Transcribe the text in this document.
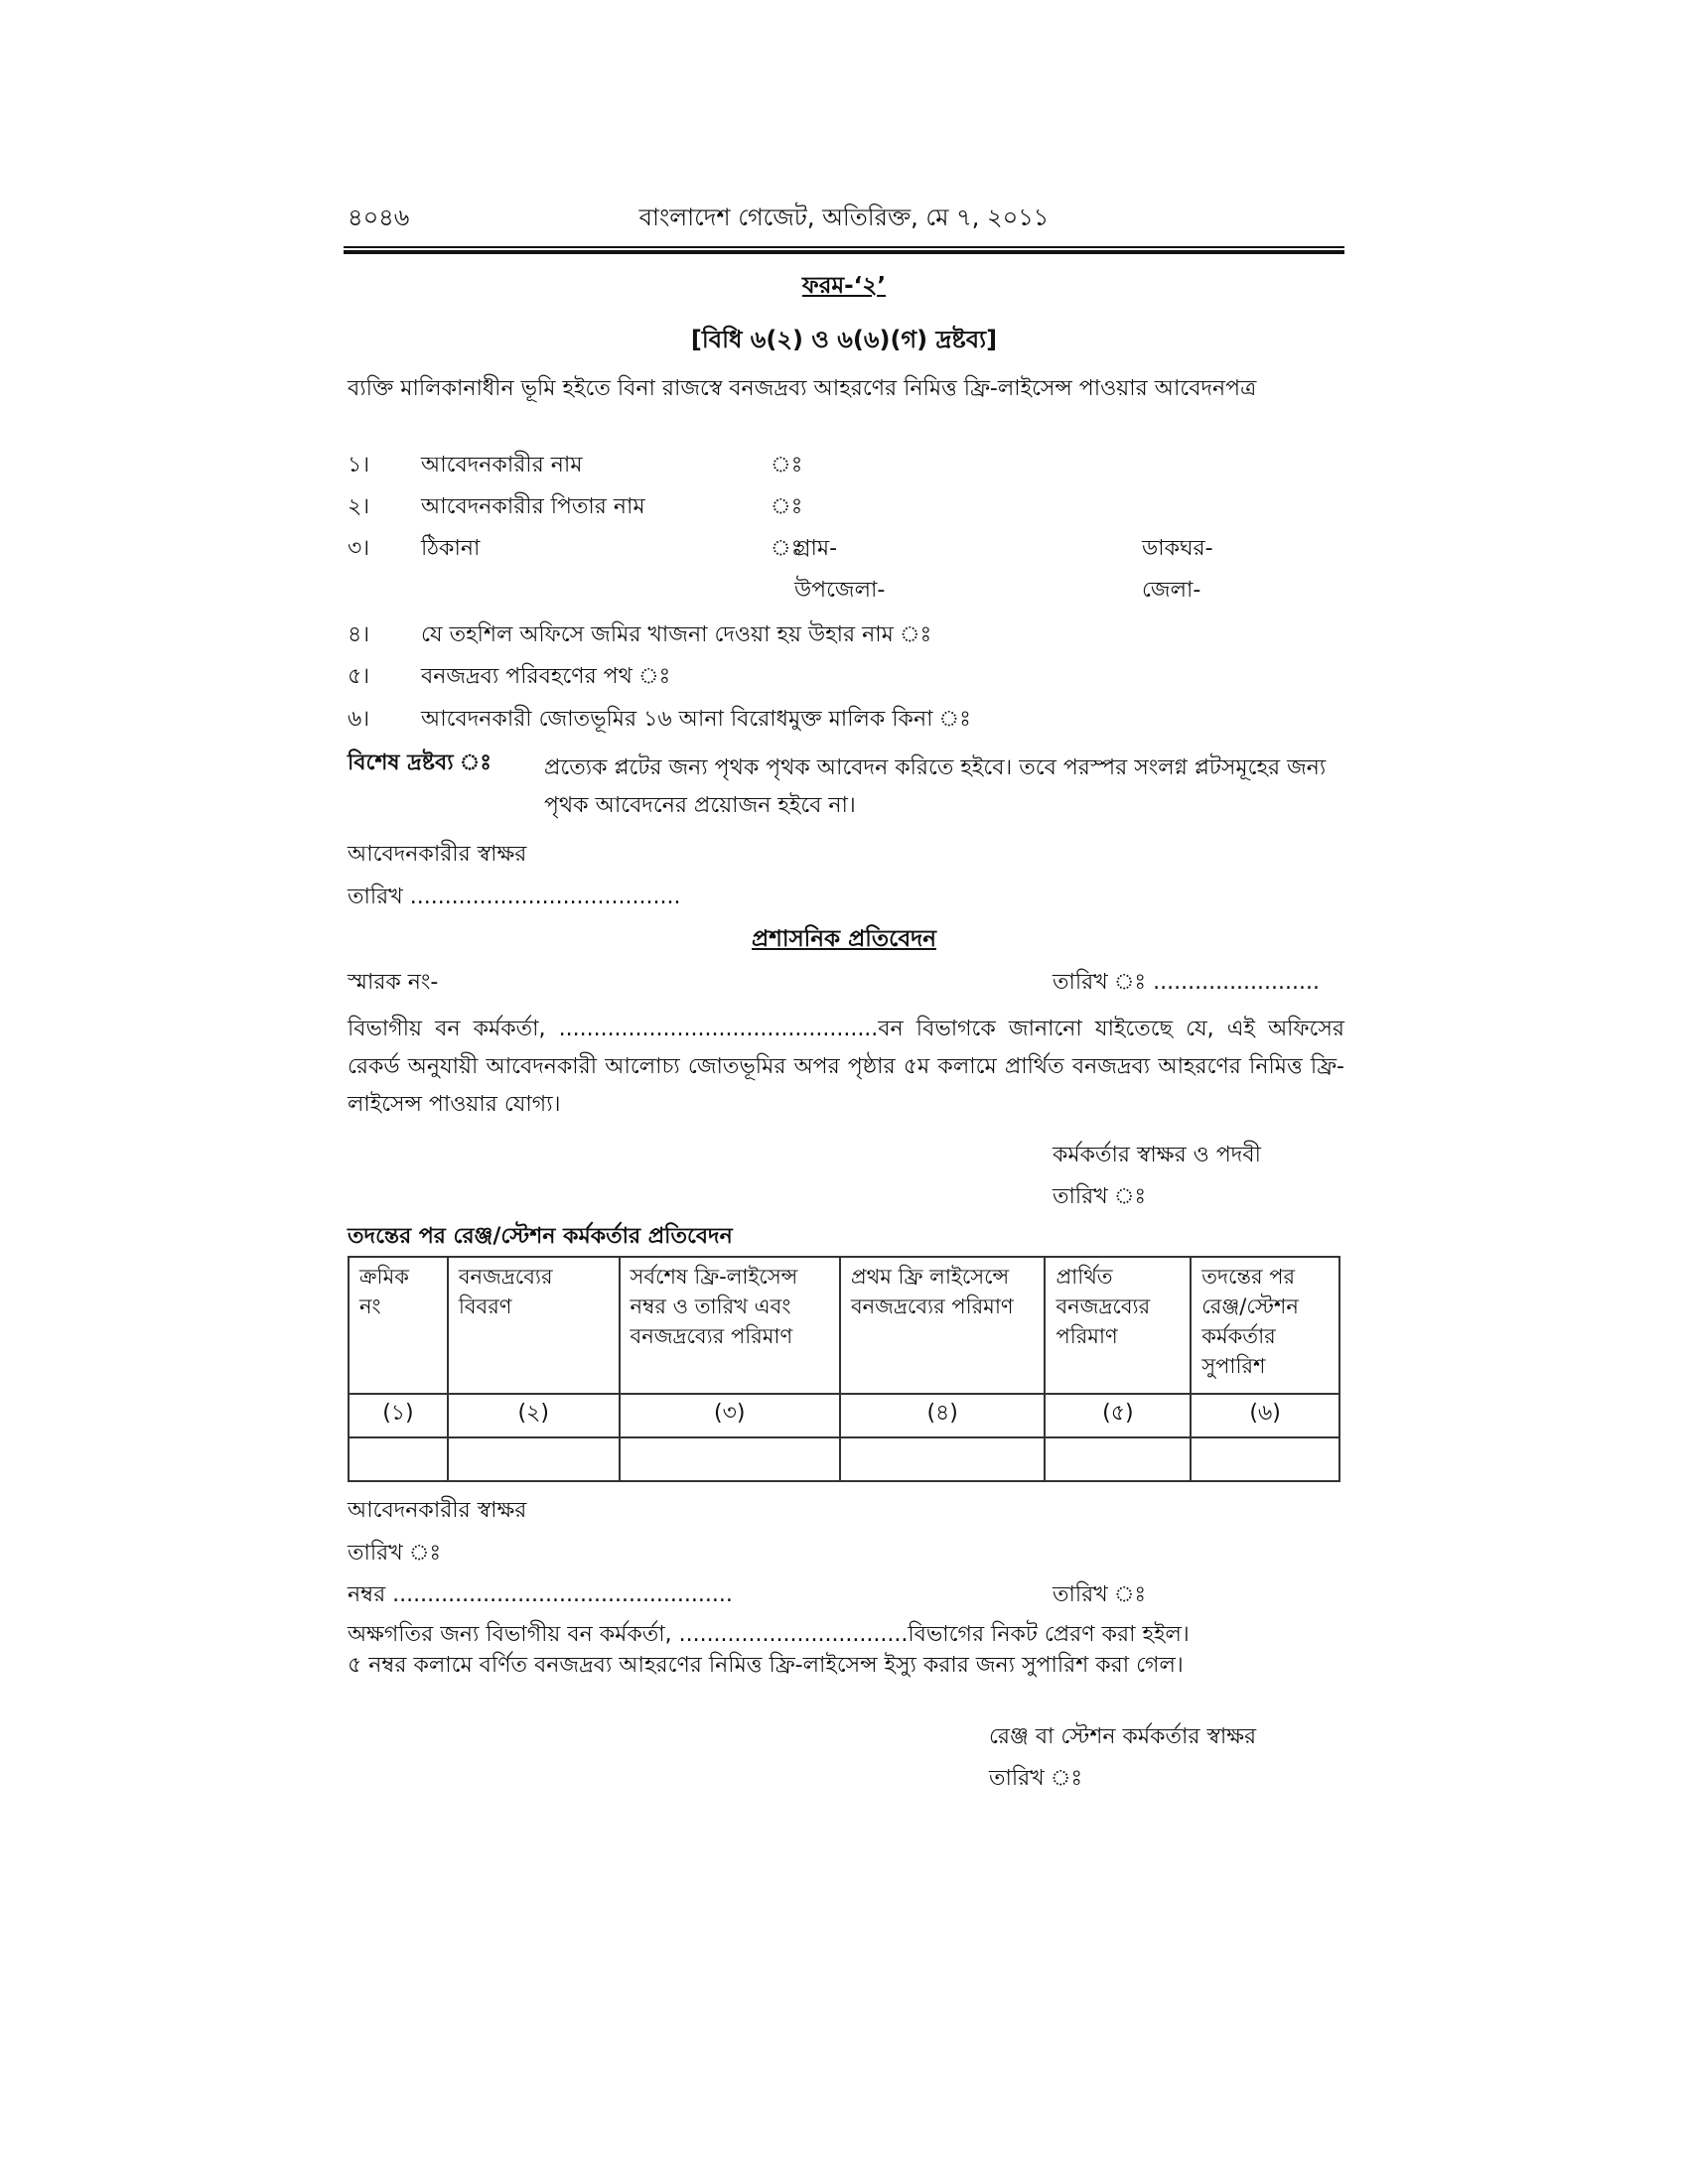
৪০৪৬	বাংলাদেশ গেজেট, অতিরিক্ত, মে ৭, ২০১১
ফরম-‘২’
[বিধি ৬(২) ও ৬(৬)(গ) দ্রষ্টব্য]
ব্যক্তি মালিকানাধীন ভূমি হইতে বিনা রাজস্বে বনজদ্রব্য আহরণের নিমিত্ত ফ্রি-লাইসেন্স পাওয়ার আবেদনপত্র
১। আবেদনকারীর নাম	ঃ
২। আবেদনকারীর পিতার নাম	ঃ
৩। ঠিকানা	ঃ
গ্রাম-	ডাকঘর-
উপজেলা-	জেলা-
৪। যে তহশিল অফিসে জমির খাজনা দেওয়া হয় উহার নাম ঃ
৫। বনজদ্রব্য পরিবহণের পথ ঃ
৬। আবেদনকারী জোতভূমির ১৬ আনা বিরোধমুক্ত মালিক কিনা ঃ
বিশেষ দ্রষ্টব্য ঃ প্রত্যেক প্লটের জন্য পৃথক পৃথক আবেদন করিতে হইবে। তবে পরস্পর সংলগ্ন প্লটসমূহের জন্য পৃথক আবেদনের প্রয়োজন হইবে না।
আবেদনকারীর স্বাক্ষর
তারিখ .......................................
প্রশাসনিক প্রতিবেদন
স্মারক নং-	তারিখ ঃ ........................
বিভাগীয় বন কর্মকর্তা, ..............................................বন বিভাগকে জানানো যাইতেছে যে, এই অফিসের রেকর্ড অনুযায়ী আবেদনকারী আলোচ্য জোতভূমির অপর পৃষ্ঠার ৫ম কলামে প্রার্থিত বনজদ্রব্য আহরণের নিমিত্ত ফ্রি-লাইসেন্স পাওয়ার যোগ্য।
কর্মকর্তার স্বাক্ষর ও পদবী
তারিখ ঃ
তদন্তের পর রেঞ্জ/স্টেশন কর্মকর্তার প্রতিবেদন
ক্রমিক নং	বনজদ্রব্যের বিবরণ	সর্বশেষ ফ্রি-লাইসেন্স নম্বর ও তারিখ এবং বনজদ্রব্যের পরিমাণ	প্রথম ফ্রি লাইসেন্সে বনজদ্রব্যের পরিমাণ	প্রার্থিত বনজদ্রব্যের পরিমাণ	তদন্তের পর রেঞ্জ/স্টেশন কর্মকর্তার সুপারিশ
(১)	(২)	(৩)	(৪)	(৫)	(৬)

আবেদনকারীর স্বাক্ষর
তারিখ ঃ
নম্বর .................................................	তারিখ ঃ
অক্ষগতির জন্য বিভাগীয় বন কর্মকর্তা, .................................বিভাগের নিকট প্রেরণ করা হইল।
৫ নম্বর কলামে বর্ণিত বনজদ্রব্য আহরণের নিমিত্ত ফ্রি-লাইসেন্স ইস্যু করার জন্য সুপারিশ করা গেল।
রেঞ্জ বা স্টেশন কর্মকর্তার স্বাক্ষর
তারিখ ঃ
